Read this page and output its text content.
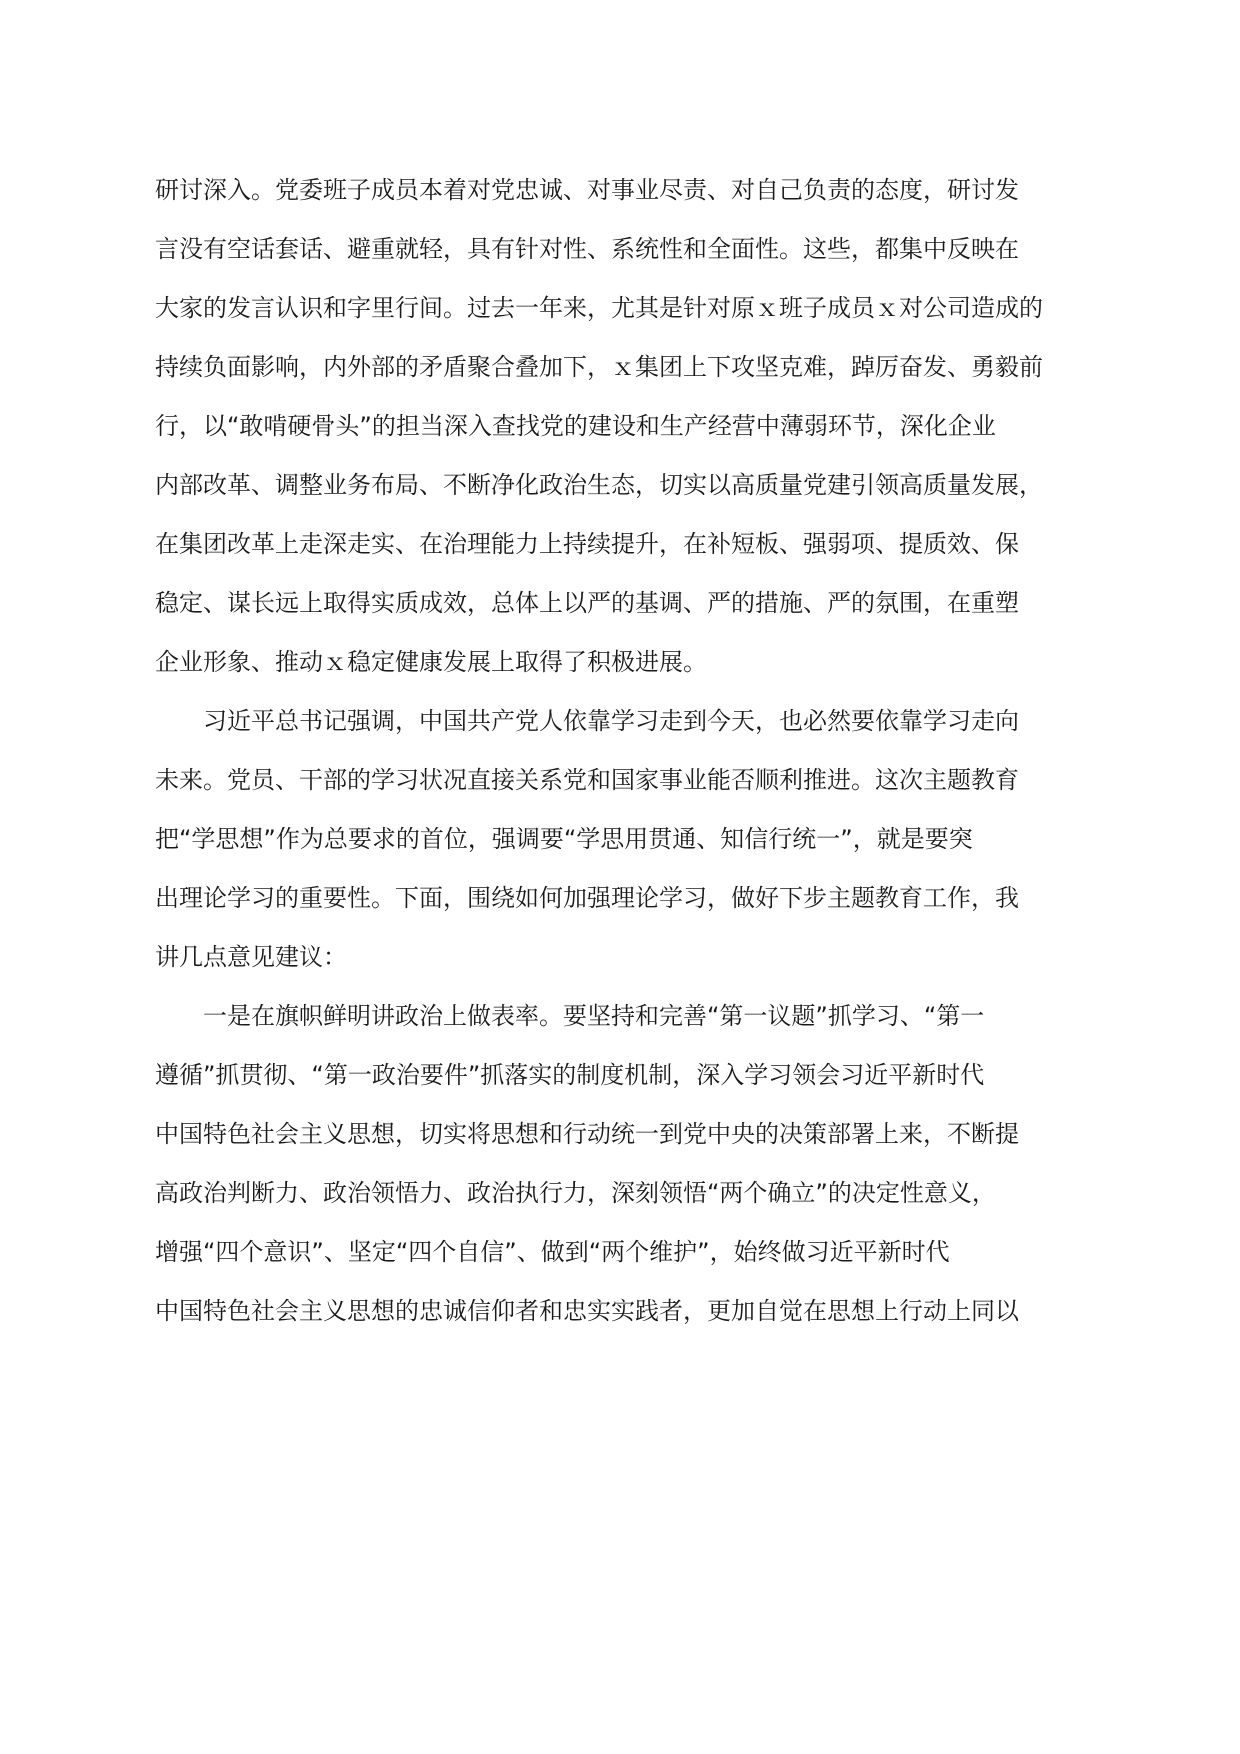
研讨深入。党委班子成员本着对党忠诚、对事业尽责、对自己负责的态度，研讨发
言没有空话套话、避重就轻，具有针对性、系统性和全面性。这些，都集中反映在
大家的发言认识和字里行间。过去一年来，尤其是针对原ｘ班子成员ｘ对公司造成的
持续负面影响，内外部的矛盾聚合叠加下，ｘ集团上下攻坚克难，踔厉奋发、勇毅前
行，以“敢啃硬骨头”的担当深入查找党的建设和生产经营中薄弱环节，深化企业
内部改革、调整业务布局、不断净化政治生态，切实以高质量党建引领高质量发展，
在集团改革上走深走实、在治理能力上持续提升，在补短板、强弱项、提质效、保
稳定、谋长远上取得实质成效，总体上以严的基调、严的措施、严的氛围，在重塑
企业形象、推动ｘ稳定健康发展上取得了积极进展。
习近平总书记强调，中国共产党人依靠学习走到今天，也必然要依靠学习走向
未来。党员、干部的学习状况直接关系党和国家事业能否顺利推进。这次主题教育
把“学思想”作为总要求的首位，强调要“学思用贯通、知信行统一”，就是要突
出理论学习的重要性。下面，围绕如何加强理论学习，做好下步主题教育工作，我
讲几点意见建议：
一是在旗帜鲜明讲政治上做表率。要坚持和完善“第一议题”抓学习、“第一
遵循”抓贯彻、“第一政治要件”抓落实的制度机制，深入学习领会习近平新时代
中国特色社会主义思想，切实将思想和行动统一到党中央的决策部署上来，不断提
高政治判断力、政治领悟力、政治执行力，深刻领悟“两个确立”的决定性意义，
增强“四个意识”、坚定“四个自信”、做到“两个维护”，始终做习近平新时代
中国特色社会主义思想的忠诚信仰者和忠实实践者，更加自觉在思想上行动上同以
